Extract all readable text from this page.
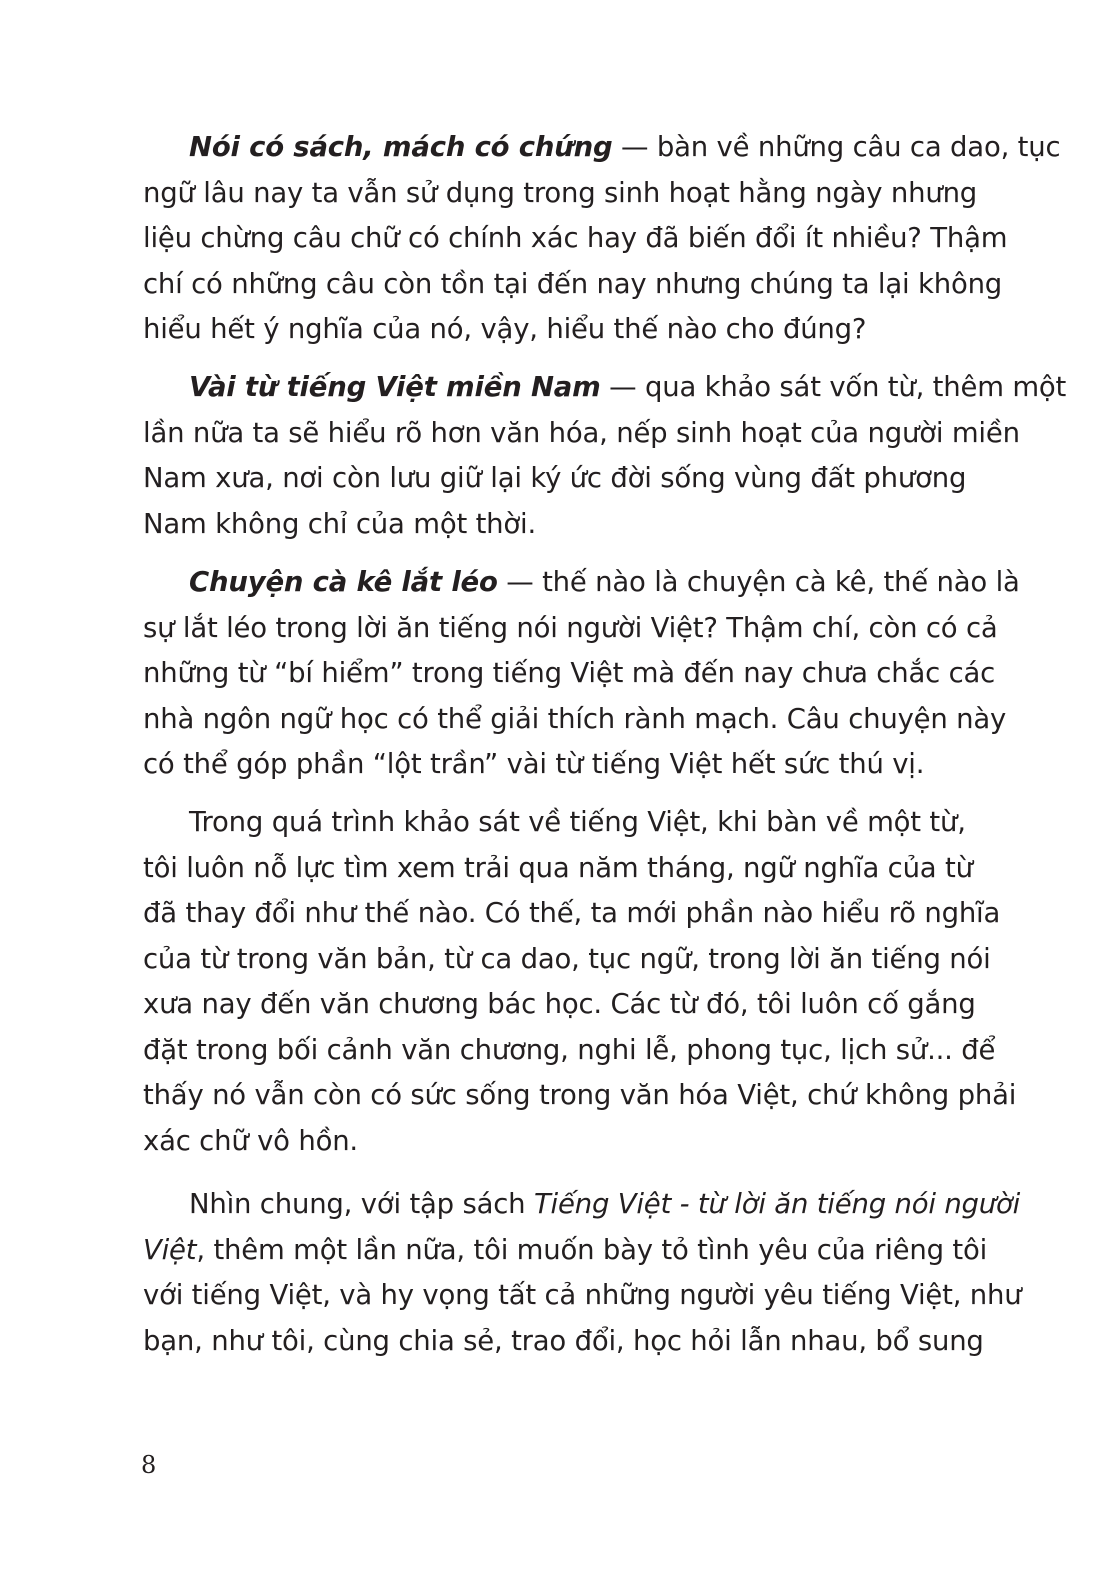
Nói có sách, mách có chứng — bàn về những câu ca dao, tục
ngữ lâu nay ta vẫn sử dụng trong sinh hoạt hằng ngày nhưng
liệu chừng câu chữ có chính xác hay đã biến đổi ít nhiều? Thậm
chí có những câu còn tồn tại đến nay nhưng chúng ta lại không
hiểu hết ý nghĩa của nó, vậy, hiểu thế nào cho đúng?
Vài từ tiếng Việt miền Nam — qua khảo sát vốn từ, thêm một
lần nữa ta sẽ hiểu rõ hơn văn hóa, nếp sinh hoạt của người miền
Nam xưa, nơi còn lưu giữ lại ký ức đời sống vùng đất phương
Nam không chỉ của một thời.
Chuyện cà kê lắt léo — thế nào là chuyện cà kê, thế nào là
sự lắt léo trong lời ăn tiếng nói người Việt? Thậm chí, còn có cả
những từ “bí hiểm” trong tiếng Việt mà đến nay chưa chắc các
nhà ngôn ngữ học có thể giải thích rành mạch. Câu chuyện này
có thể góp phần “lột trần” vài từ tiếng Việt hết sức thú vị.
Trong quá trình khảo sát về tiếng Việt, khi bàn về một từ,
tôi luôn nỗ lực tìm xem trải qua năm tháng, ngữ nghĩa của từ
đã thay đổi như thế nào. Có thế, ta mới phần nào hiểu rõ nghĩa
của từ trong văn bản, từ ca dao, tục ngữ, trong lời ăn tiếng nói
xưa nay đến văn chương bác học. Các từ đó, tôi luôn cố gắng
đặt trong bối cảnh văn chương, nghi lễ, phong tục, lịch sử... để
thấy nó vẫn còn có sức sống trong văn hóa Việt, chứ không phải
xác chữ vô hồn.
Nhìn chung, với tập sách Tiếng Việt - từ lời ăn tiếng nói người
Việt, thêm một lần nữa, tôi muốn bày tỏ tình yêu của riêng tôi
với tiếng Việt, và hy vọng tất cả những người yêu tiếng Việt, như
bạn, như tôi, cùng chia sẻ, trao đổi, học hỏi lẫn nhau, bổ sung
8
